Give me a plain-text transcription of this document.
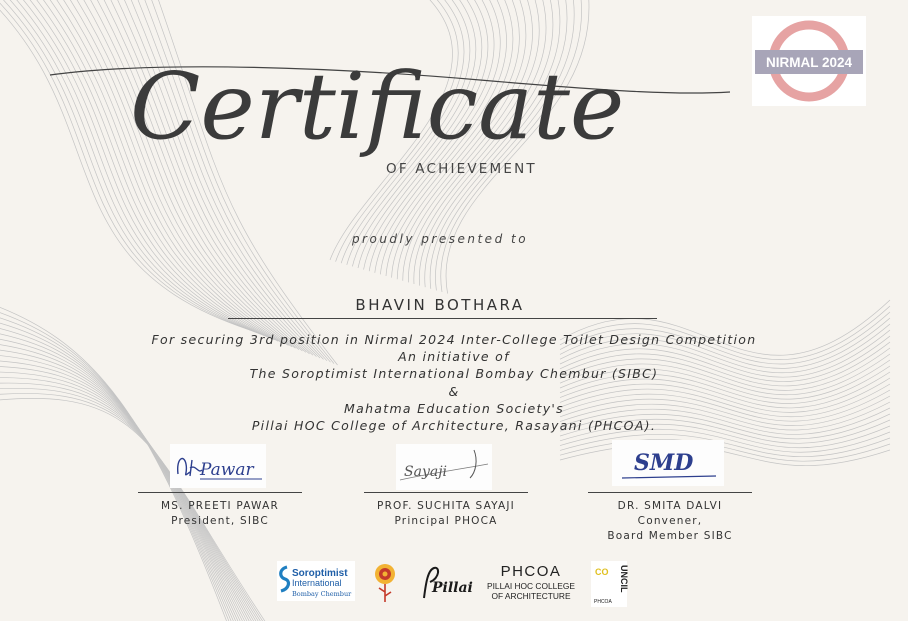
Certificate
OF ACHIEVEMENT
proudly presented to
BHAVIN BOTHARA
For securing 3rd position in Nirmal 2024 Inter-College Toilet Design Competition
An initiative of
The Soroptimist International Bombay Chembur (SIBC)
&
Mahatma Education Society's
Pillai HOC College of Architecture, Rasayani (PHCOA).
NIRMAL 2024
Pawar
MS. PREETI PAWAR
President, SIBC
Sayaji
PROF. SUCHITA SAYAJI
Principal PHOCA
SMD
DR. SMITA DALVI
Convener,
Board Member SIBC
Soroptimist
International
Bombay Chembur	Pillai
PHCOA
PILLAI HOC COLLEGE
OF ARCHITECTURE
CO UNCIL
PHCOA
